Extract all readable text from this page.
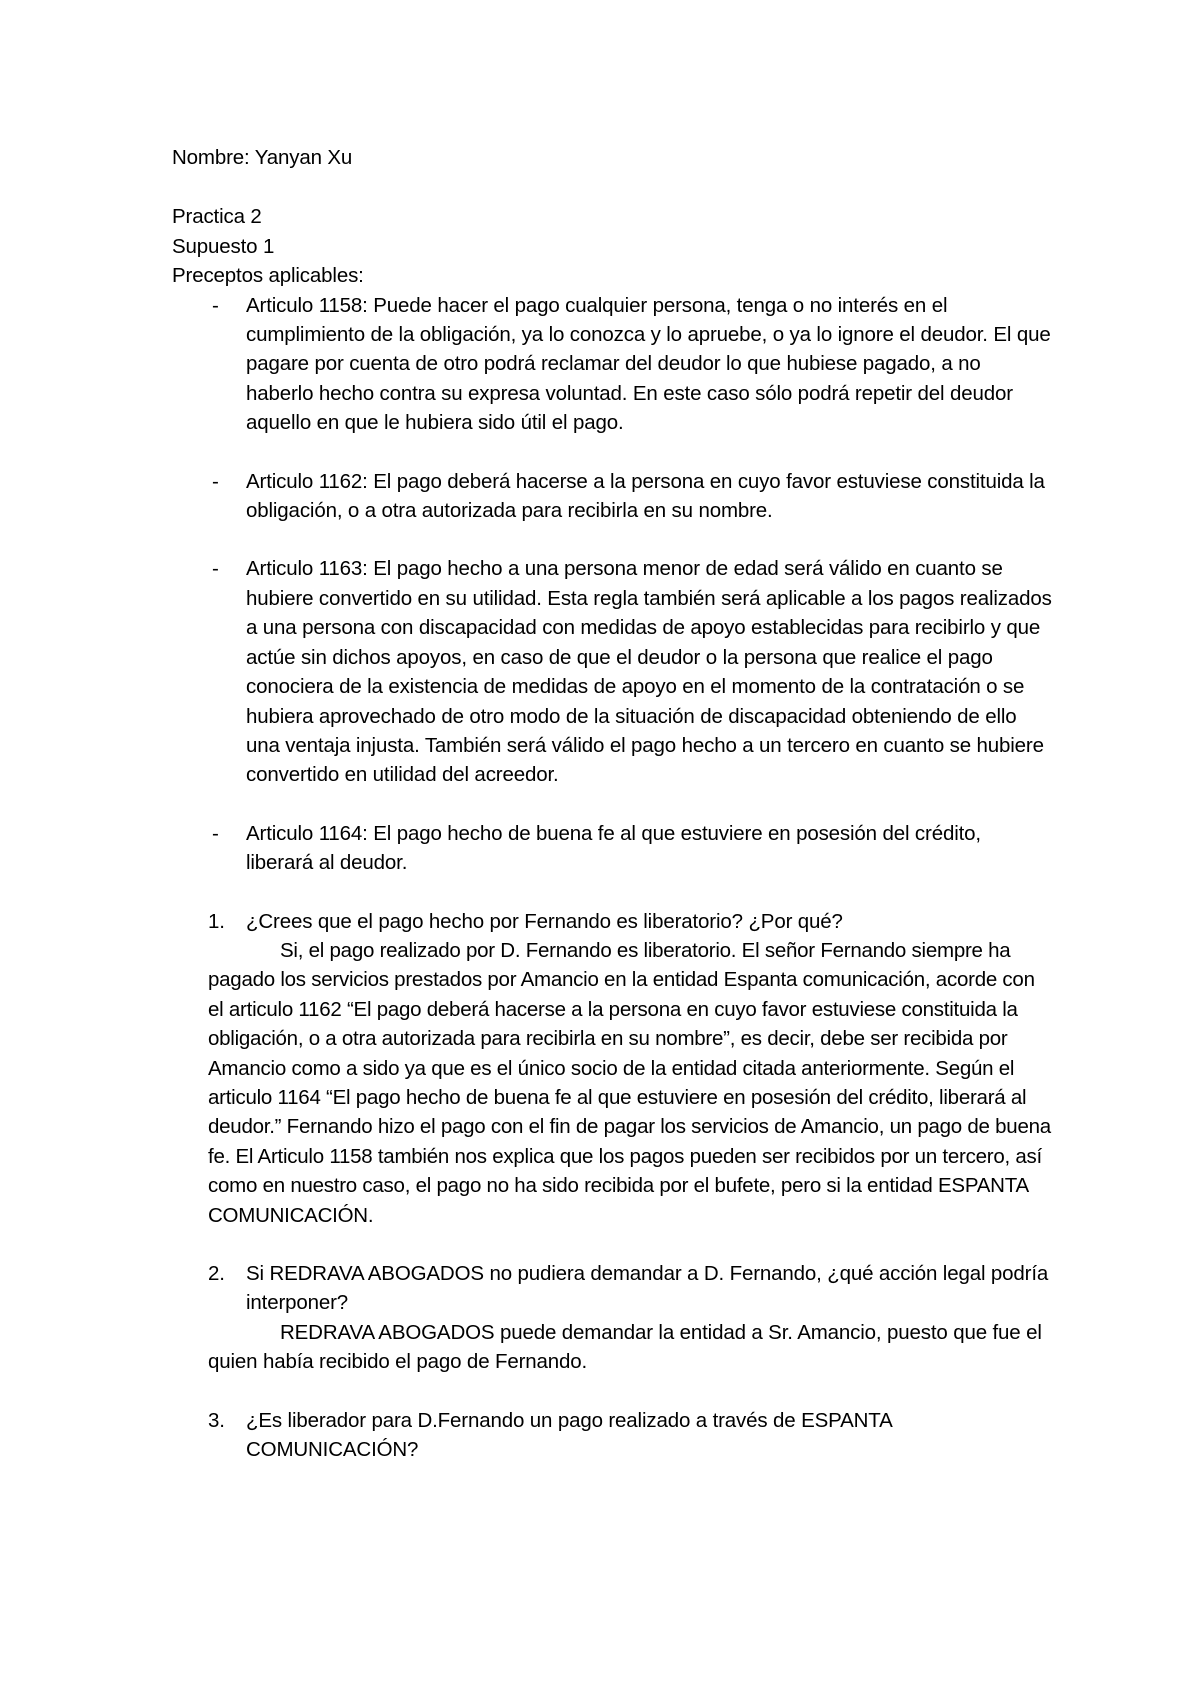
Nombre: Yanyan Xu

Practica 2

Supuesto 1

Preceptos aplicables:

- Articulo 1158: Puede hacer el pago cualquier persona, tenga o no interés en el cumplimiento de la obligación, ya lo conozca y lo apruebe, o ya lo ignore el deudor. El que pagare por cuenta de otro podrá reclamar del deudor lo que hubiese pagado, a no haberlo hecho contra su expresa voluntad. En este caso sólo podrá repetir del deudor aquello en que le hubiera sido útil el pago.

- Articulo 1162: El pago deberá hacerse a la persona en cuyo favor estuviese constituida la obligación, o a otra autorizada para recibirla en su nombre.

- Articulo 1163: El pago hecho a una persona menor de edad será válido en cuanto se hubiere convertido en su utilidad. Esta regla también será aplicable a los pagos realizados a una persona con discapacidad con medidas de apoyo establecidas para recibirlo y que actúe sin dichos apoyos, en caso de que el deudor o la persona que realice el pago conociera de la existencia de medidas de apoyo en el momento de la contratación o se hubiera aprovechado de otro modo de la situación de discapacidad obteniendo de ello una ventaja injusta. También será válido el pago hecho a un tercero en cuanto se hubiere convertido en utilidad del acreedor.

- Articulo 1164: El pago hecho de buena fe al que estuviere en posesión del crédito, liberará al deudor.

1. ¿Crees que el pago hecho por Fernando es liberatorio? ¿Por qué?

Si, el pago realizado por D. Fernando es liberatorio. El señor Fernando siempre ha pagado los servicios prestados por Amancio en la entidad Espanta comunicación, acorde con el articulo 1162 “El pago deberá hacerse a la persona en cuyo favor estuviese constituida la obligación, o a otra autorizada para recibirla en su nombre”, es decir, debe ser recibida por Amancio como a sido ya que es el único socio de la entidad citada anteriormente. Según el articulo 1164 “El pago hecho de buena fe al que estuviere en posesión del crédito, liberará al deudor.” Fernando hizo el pago con el fin de pagar los servicios de Amancio, un pago de buena fe. El Articulo 1158 también nos explica que los pagos pueden ser recibidos por un tercero, así como en nuestro caso, el pago no ha sido recibida por el bufete, pero si la entidad ESPANTA COMUNICACIÓN.

2. Si REDRAVA ABOGADOS no pudiera demandar a D. Fernando, ¿qué acción legal podría interponer?

REDRAVA ABOGADOS puede demandar la entidad a Sr. Amancio, puesto que fue el quien había recibido el pago de Fernando.

3. ¿Es liberador para D.Fernando un pago realizado a través de ESPANTA COMUNICACIÓN?
